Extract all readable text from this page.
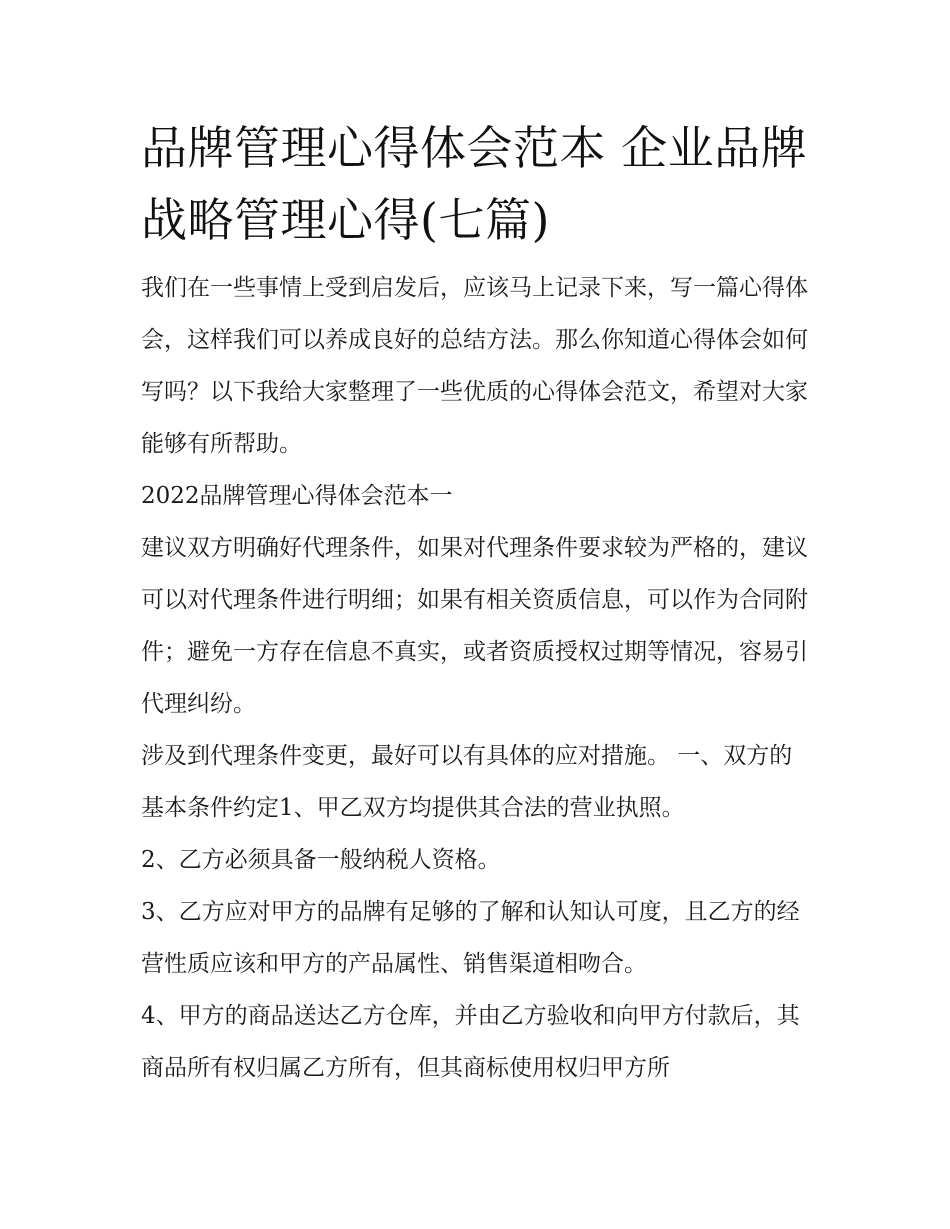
品牌管理心得体会范本 企业品牌战略管理心得(七篇)

我们在一些事情上受到启发后，应该马上记录下来，写一篇心得体会，这样我们可以养成良好的总结方法。那么你知道心得体会如何写吗？以下我给大家整理了一些优质的心得体会范文，希望对大家能够有所帮助。

2022品牌管理心得体会范本一

建议双方明确好代理条件，如果对代理条件要求较为严格的，建议可以对代理条件进行明细；如果有相关资质信息，可以作为合同附件；避免一方存在信息不真实，或者资质授权过期等情况，容易引代理纠纷。

涉及到代理条件变更，最好可以有具体的应对措施。 一、双方的基本条件约定1、甲乙双方均提供其合法的营业执照。

2、乙方必须具备一般纳税人资格。

3、乙方应对甲方的品牌有足够的了解和认知认可度，且乙方的经营性质应该和甲方的产品属性、销售渠道相吻合。

4、甲方的商品送达乙方仓库，并由乙方验收和向甲方付款后，其商品所有权归属乙方所有，但其商标使用权归甲方所
